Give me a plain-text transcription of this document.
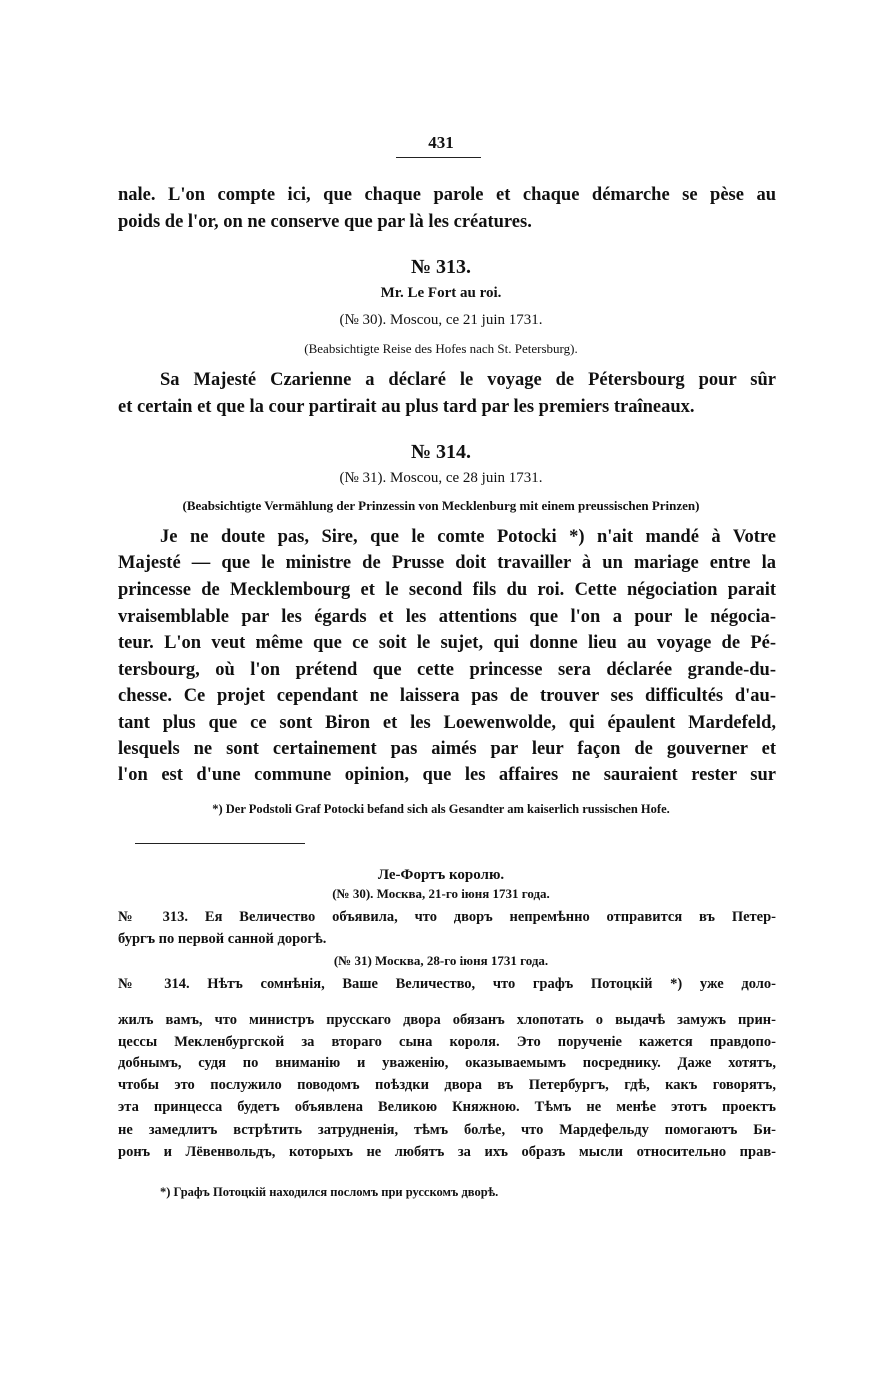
431
nale. L'on compte ici, que chaque parole et chaque démarche se pèse au
poids de l'or, on ne conserve que par là les créatures.
№ 313.
Mr. Le Fort au roi.
(№ 30). Moscou, ce 21 juin 1731.
(Beabsichtigte Reise des Hofes nach St. Petersburg).
Sa Majesté Czarienne a déclaré le voyage de Pétersbourg pour sûr
et certain et que la cour partirait au plus tard par les premiers traîneaux.
№ 314.
(№ 31). Moscou, ce 28 juin 1731.
(Beabsichtigte Vermählung der Prinzessin von Mecklenburg mit einem preussischen Prinzen)
Je ne doute pas, Sire, que le comte Potocki *) n'ait mandé à Votre
Majesté — que le ministre de Prusse doit travailler à un mariage entre la
princesse de Mecklembourg et le second fils du roi. Cette négociation parait
vraisemblable par les égards et les attentions que l'on a pour le négocia-
teur. L'on veut même que ce soit le sujet, qui donne lieu au voyage de Pé-
tersbourg, où l'on prétend que cette princesse sera déclarée grande-du-
chesse. Ce projet cependant ne laissera pas de trouver ses difficultés d'au-
tant plus que ce sont Biron et les Loewenwolde, qui épaulent Mardefeld,
lesquels ne sont certainement pas aimés par leur façon de gouverner et
l'on est d'une commune opinion, que les affaires ne sauraient rester sur
*) Der Podstoli Graf Potocki befand sich als Gesandter am kaiserlich russischen Hofe.
Ле-Фортъ королю.
(№ 30). Москва, 21-го іюня 1731 года.
№ 313. Ея Величество объявила, что дворъ непремѣнно отправится въ Петер-
бургъ по первой санной дорогѣ.
(№ 31) Москва, 28-го іюня 1731 года.
№ 314. Нѣтъ сомнѣнія, Ваше Величество, что графъ Потоцкій *) уже доло-
жилъ вамъ, что министръ прусскаго двора обязанъ хлопотать о выдачѣ замужъ прин-
цессы Мекленбургской за втораго сына короля. Это порученіе кажется правдопо-
добнымъ, судя по вниманію и уваженію, оказываемымъ посреднику. Даже хотятъ,
чтобы это послужило поводомъ поѣздки двора въ Петербургъ, гдѣ, какъ говорятъ,
эта принцесса будетъ объявлена Великою Княжною. Тѣмъ не менѣе этотъ проектъ
не замедлитъ встрѣтить затрудненія, тѣмъ болѣе, что Мардефельду помогаютъ Би-
ронъ и Лёвенвольдъ, которыхъ не любятъ за ихъ образъ мысли относительно прав-
*) Графъ Потоцкій находился посломъ при русскомъ дворѣ.
